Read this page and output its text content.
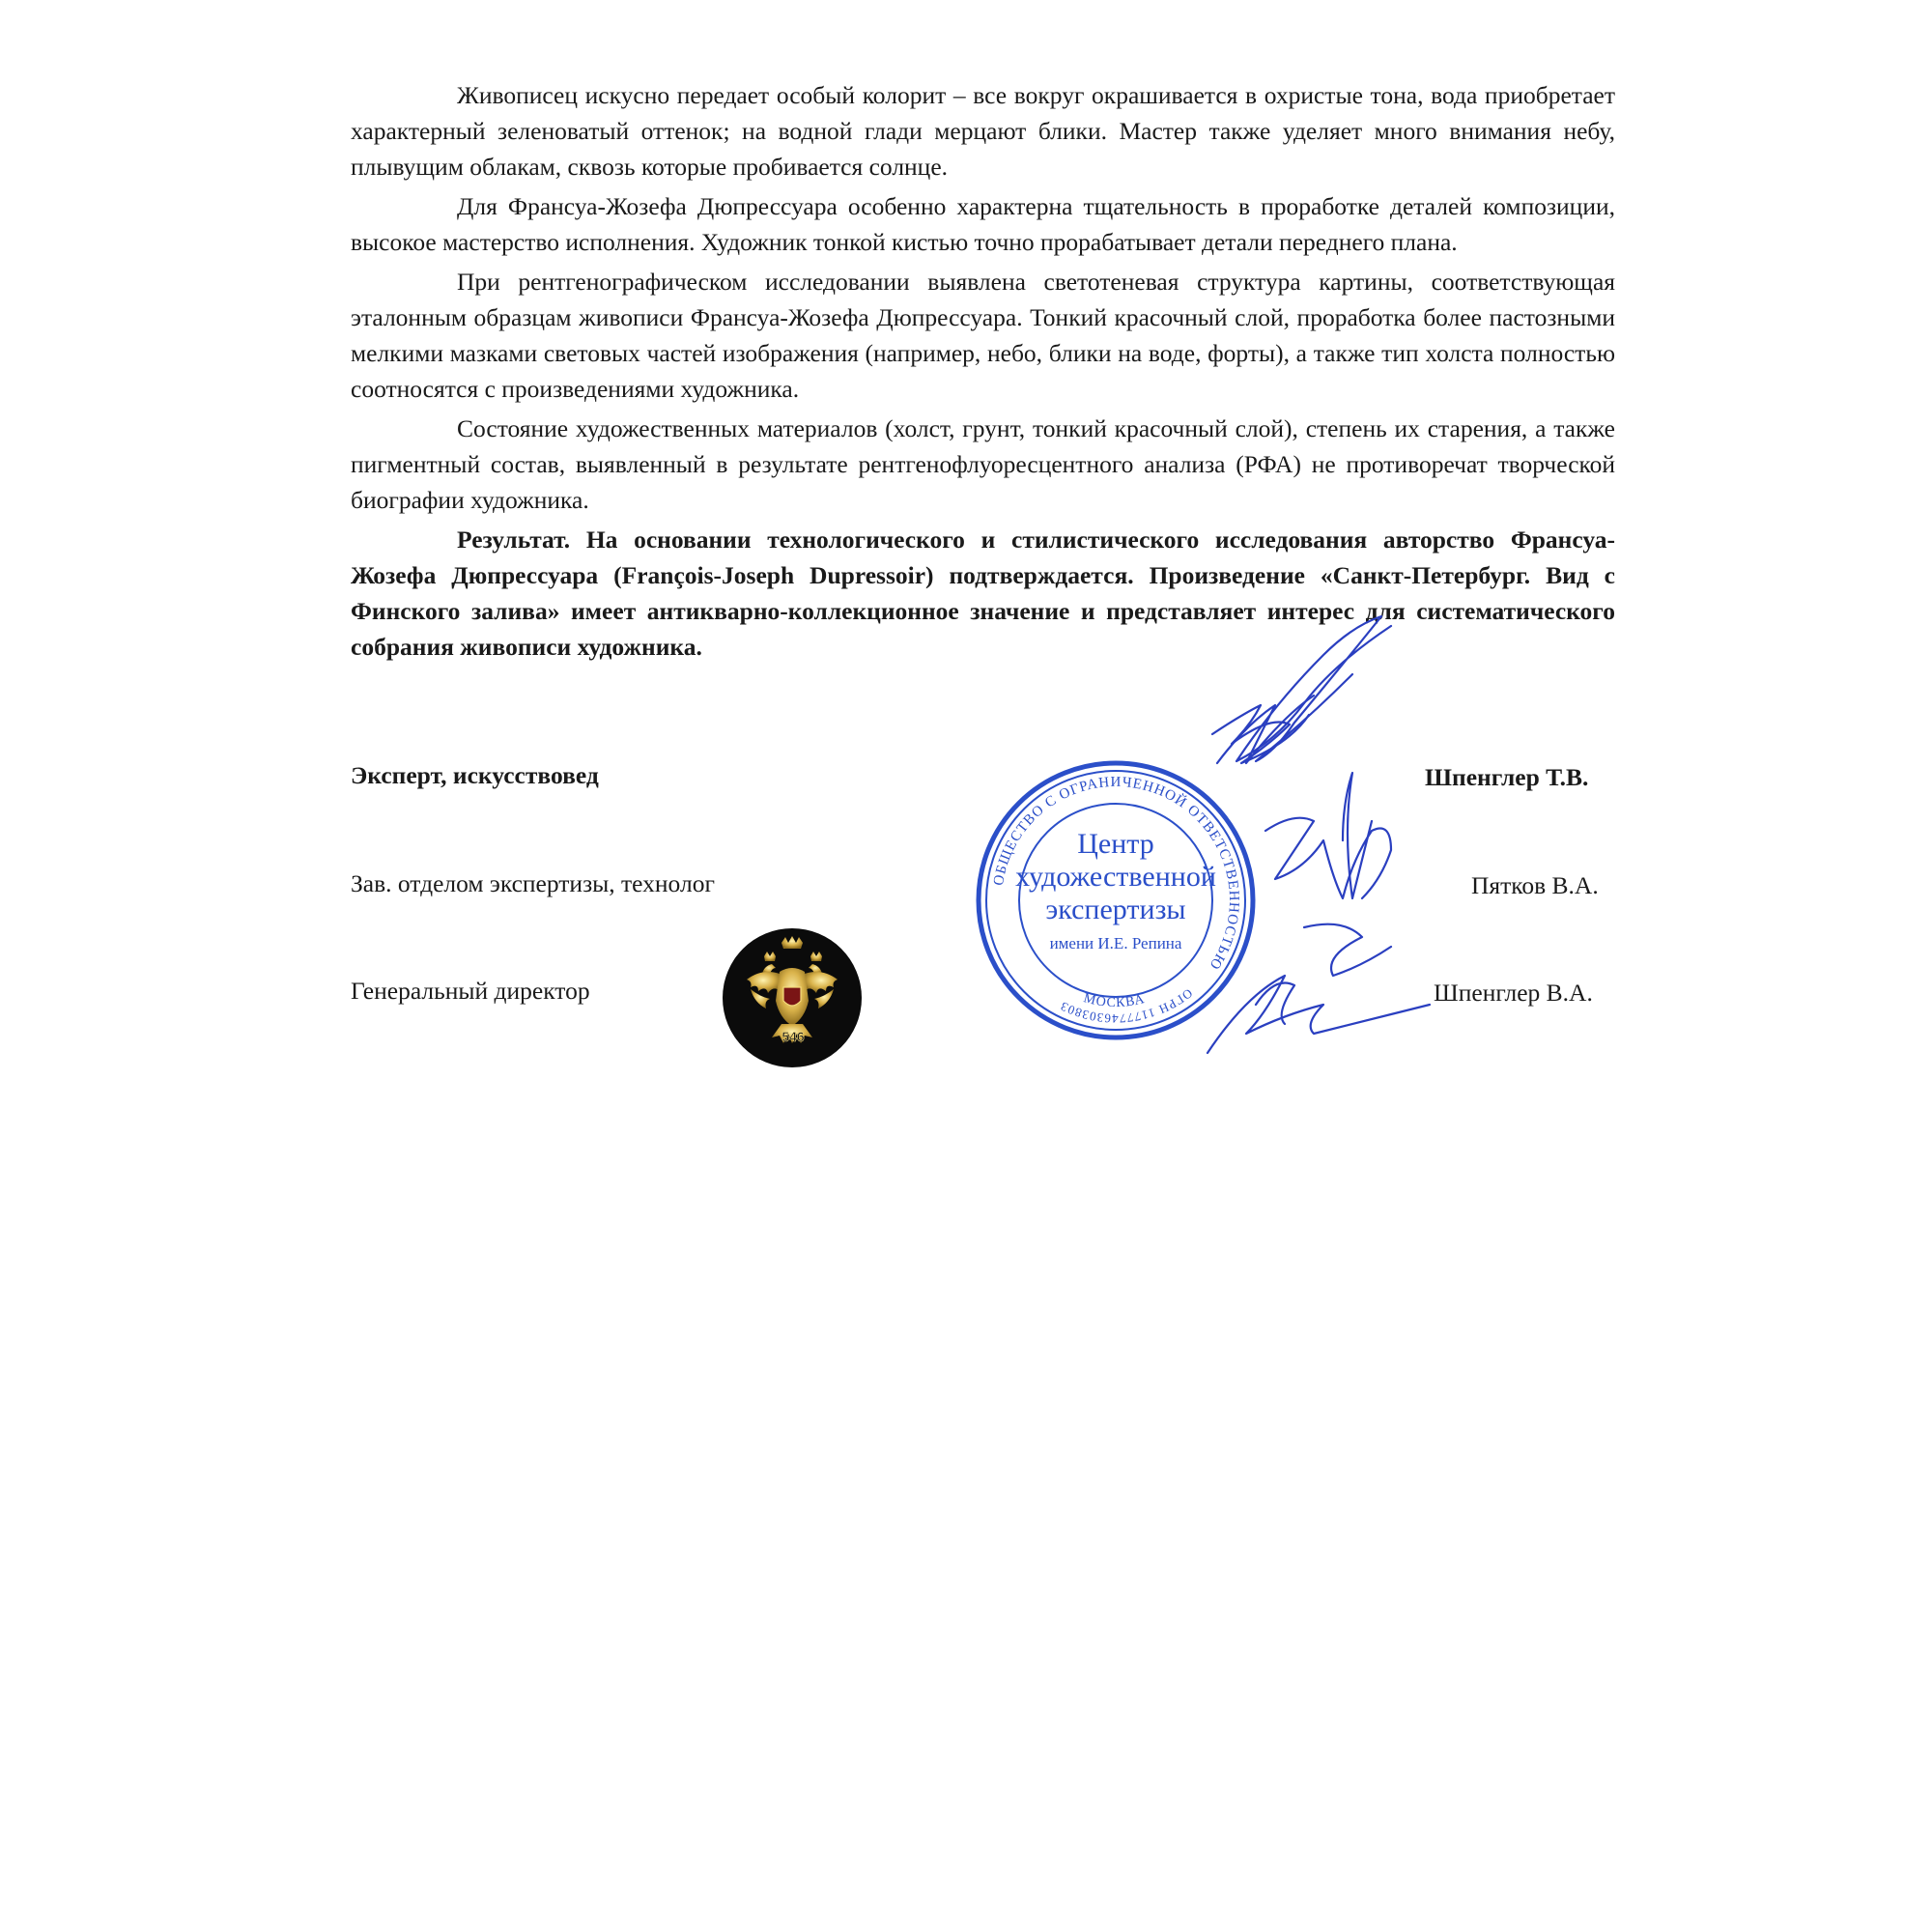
Живописец искусно передает особый колорит – все вокруг окрашивается в охристые тона, вода приобретает характерный зеленоватый оттенок; на водной глади мерцают блики. Мастер также уделяет много внимания небу, плывущим облакам, сквозь которые пробивается солнце.

Для Франсуа-Жозефа Дюпрессуара особенно характерна тщательность в проработке деталей композиции, высокое мастерство исполнения. Художник тонкой кистью точно прорабатывает детали переднего плана.

При рентгенографическом исследовании выявлена светотеневая структура картины, соответствующая эталонным образцам живописи Франсуа-Жозефа Дюпрессуара. Тонкий красочный слой, проработка более пастозными мелкими мазками световых частей изображения (например, небо, блики на воде, форты), а также тип холста полностью соотносятся с произведениями художника.

Состояние художественных материалов (холст, грунт, тонкий красочный слой), степень их старения, а также пигментный состав, выявленный в результате рентгенофлуоресцентного анализа (РФА) не противоречат творческой биографии художника.

Результат. На основании технологического и стилистического исследования авторство Франсуа-Жозефа Дюпрессуара (François-Joseph Dupressoir) подтверждается. Произведение «Санкт-Петербург. Вид с Финского залива» имеет антикварно-коллекционное значение и представляет интерес для систематического собрания живописи художника.

Эксперт, искусствовед	Шпенглер Т.В.
Зав. отделом экспертизы, технолог	Пятков В.А.
Генеральный директор	Шпенглер В.А.
546
ОБЩЕСТВО С ОГРАНИЧЕННОЙ ОТВЕТСТВЕННОСТЬЮ
ОГРН 1177746303803 МОСКВА
Центр
художественной
экспертизы
имени И.Е. Репина
